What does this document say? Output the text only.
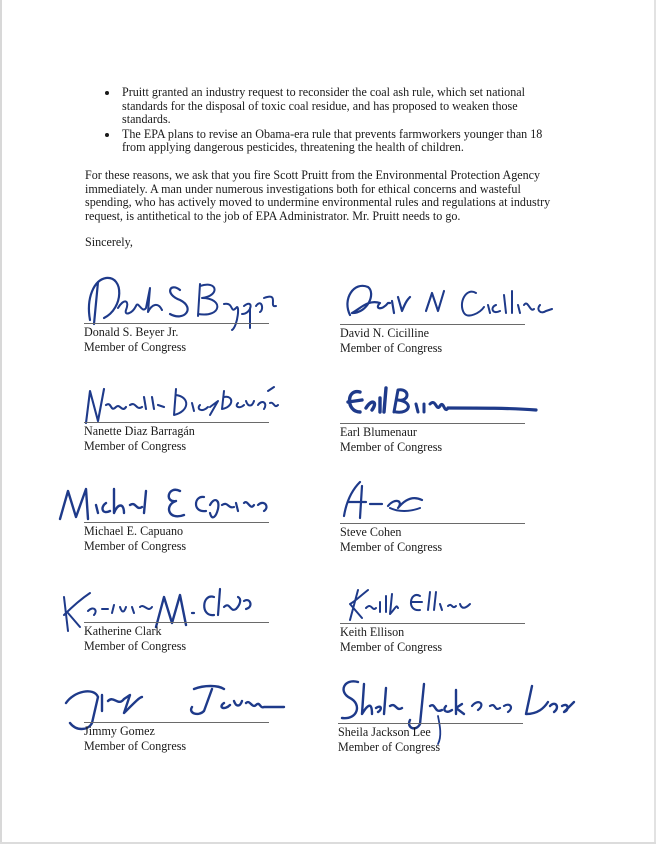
Pruitt granted an industry request to reconsider the coal ash rule, which set national standards for the disposal of toxic coal residue, and has proposed to weaken those standards.
The EPA plans to revise an Obama-era rule that prevents farmworkers younger than 18 from applying dangerous pesticides, threatening the health of children.

For these reasons, we ask that you fire Scott Pruitt from the Environmental Protection Agency immediately. A man under numerous investigations both for ethical concerns and wasteful spending, who has actively moved to undermine environmental rules and regulations at industry request, is antithetical to the job of EPA Administrator. Mr. Pruitt needs to go.

Sincerely,
Donald S. Beyer Jr.
Member of Congress
David N. Cicilline
Member of Congress
Nanette Diaz Barragán
Member of Congress
Earl Blumenaur
Member of Congress
Michael E. Capuano
Member of Congress
Steve Cohen
Member of Congress
Katherine Clark
Member of Congress
Keith Ellison
Member of Congress
Jimmy Gomez
Member of Congress
Sheila Jackson Lee
Member of Congress
